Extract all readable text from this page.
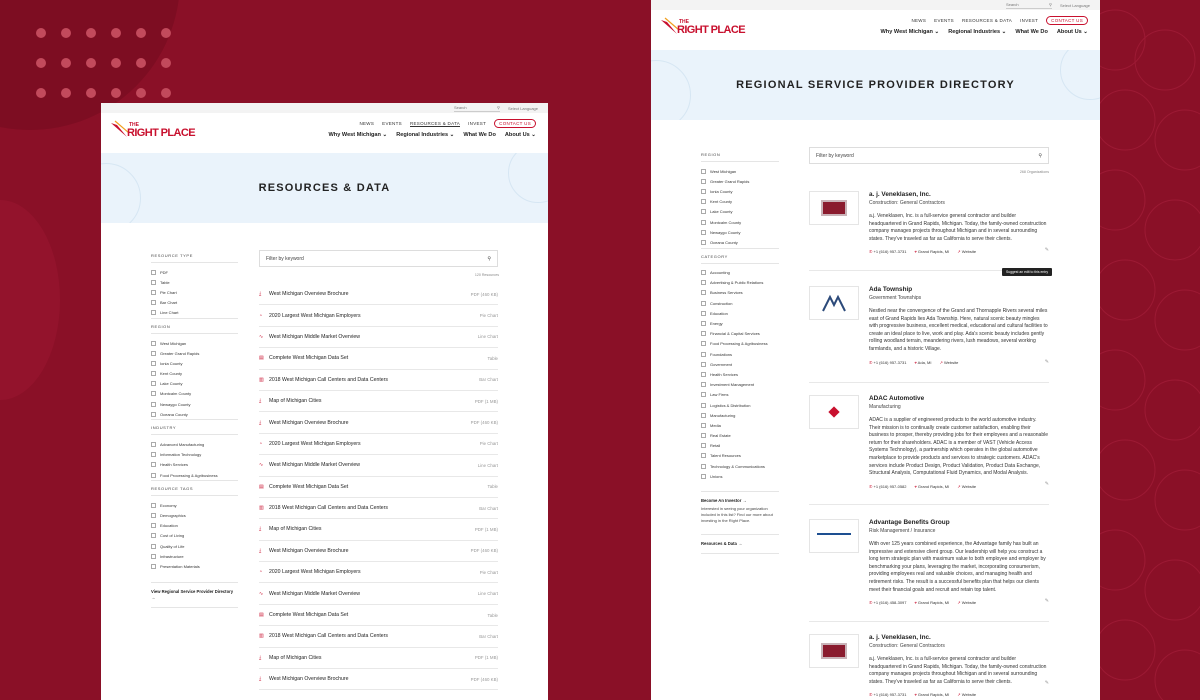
Search	⚲ Select Language
THE
RIGHT PLACE
NEWS EVENTS RESOURCES & DATA INVEST	CONTACT US
Why West Michigan ⌄ Regional Industries ⌄ What We Do About Us ⌄
RESOURCES & DATA
RESOURCE TYPE
PDF
Table
Pie Chart
Bar Chart
Line Chart
REGION
West Michigan
Greater Grand Rapids
Ionia County
Kent County
Lake County
Montcalm County
Newaygo County
Oceana County
INDUSTRY
Advanced Manufacturing
Information Technology
Health Services
Food Processing & Agribusiness
RESOURCE TAGS
Economy
Demographics
Education
Cost of Living
Quality of Life
Infrastructure
Presentation Materials
View Regional Service Provider Directory →
Filter by keyword	⚲
120 Resources
⤓	West Michigan Overview Brochure	PDF (460 KB)
◔	2020 Largest West Michigan Employers	Pie Chart
∿	West Michigan Middle Market Overview	Line Chart
▤	Complete West Michigan Data Set	Table
▥	2018 West Michigan Call Centers and Data Centers	Bar Chart
⤓	Map of Michigan Cities	PDF (1 MB)
⤓	West Michigan Overview Brochure	PDF (460 KB)
◔	2020 Largest West Michigan Employers	Pie Chart
∿	West Michigan Middle Market Overview	Line Chart
▤	Complete West Michigan Data Set	Table
▥	2018 West Michigan Call Centers and Data Centers	Bar Chart
⤓	Map of Michigan Cities	PDF (1 MB)
⤓	West Michigan Overview Brochure	PDF (460 KB)
◔	2020 Largest West Michigan Employers	Pie Chart
∿	West Michigan Middle Market Overview	Line Chart
▤	Complete West Michigan Data Set	Table
▥	2018 West Michigan Call Centers and Data Centers	Bar Chart
⤓	Map of Michigan Cities	PDF (1 MB)
⤓	West Michigan Overview Brochure	PDF (460 KB)
Search	⚲ Select Language
THE
RIGHT PLACE
NEWS EVENTS RESOURCES & DATA INVEST	CONTACT US
Why West Michigan ⌄ Regional Industries ⌄ What We Do About Us ⌄
REGIONAL SERVICE PROVIDER DIRECTORY
REGION
West Michigan
Greater Grand Rapids
Ionia County
Kent County
Lake County
Montcalm County
Newaygo County
Oceana County
CATEGORY
Accounting
Advertising & Public Relations
Business Services
Construction
Education
Energy
Financial & Capital Services
Food Processing & Agribusiness
Foundations
Government
Health Services
Investment Management
Law Firms
Logistics & Distribution
Manufacturing
Media
Real Estate
Retail
Talent Resources
Technology & Communications
Unions
Become An Investor →
Interested in seeing your organization included in this list? Find our more about investing in the Right Place.
Resources & Data →
Filter by keyword	⚲
268 Organizations
a. j. Veneklasen, Inc.
Construction: General Contractors
a.j. Veneklasen, Inc. is a full-service general contractor and builder headquartered in Grand Rapids, Michigan. Today, the family-owned construction company manages projects throughout Michigan and in several surrounding states. They've traveled as far as California to serve their clients.
✆ +1 (616) 957-3731 ⌖ Grand Rapids, MI ↗ Website	✎
Ada Township
Government Townships
Nestled near the convergence of the Grand and Thornapple Rivers several miles east of Grand Rapids lies Ada Township. Here, natural scenic beauty mingles with progressive business, excellent medical, educational and cultural facilities to create an ideal place to live, work and play. Ada's scenic beauty includes gently rolling woodland terrain, meandering rivers, lush meadows, several working farmlands, and a historic Village.
✆ +1 (616) 957-3731 ⌖ Ada, MI ↗ Website	✎
ADAC Automotive
Manufacturing
ADAC is a supplier of engineered products to the world automotive industry. Their mission is to continually create customer satisfaction, enabling their business to prosper, thereby providing jobs for their employees and a reasonable return for their shareholders. ADAC is a member of VAST (Vehicle Access Systems Technology), a partnership which operates in the global automotive marketplace to provide products and services to strategic customers. ADAC's services include Product Design, Product Validation, Product Data Exchange, Structural Analysis, Computational Fluid Dynamics, and Modal Analysis.
✆ +1 (616) 957-0582 ⌖ Grand Rapids, MI ↗ Website	✎
Advantage Benefits Group
Risk Management / Insurance
With over 125 years combined experience, the Advantage family has built an impressive and extensive client group. Our leadership will help you construct a long term strategic plan with maximum value to both employee and employer by benchmarking your plans, leveraging the market, incorporating consumerism, providing employees real and valuable choices, and managing health and retirement risks. The result is a successful benefits plan that helps our clients meet their financial goals and recruit and retain top talent.
✆ +1 (616) 458-3097 ⌖ Grand Rapids, MI ↗ Website	✎
a. j. Veneklasen, Inc.
Construction: General Contractors
a.j. Veneklasen, Inc. is a full-service general contractor and builder headquartered in Grand Rapids, Michigan. Today, the family-owned construction company manages projects throughout Michigan and in several surrounding states. They've traveled as far as California to serve their clients.
✆ +1 (616) 957-3731 ⌖ Grand Rapids, MI ↗ Website
✎
Suggest an edit to this entry
